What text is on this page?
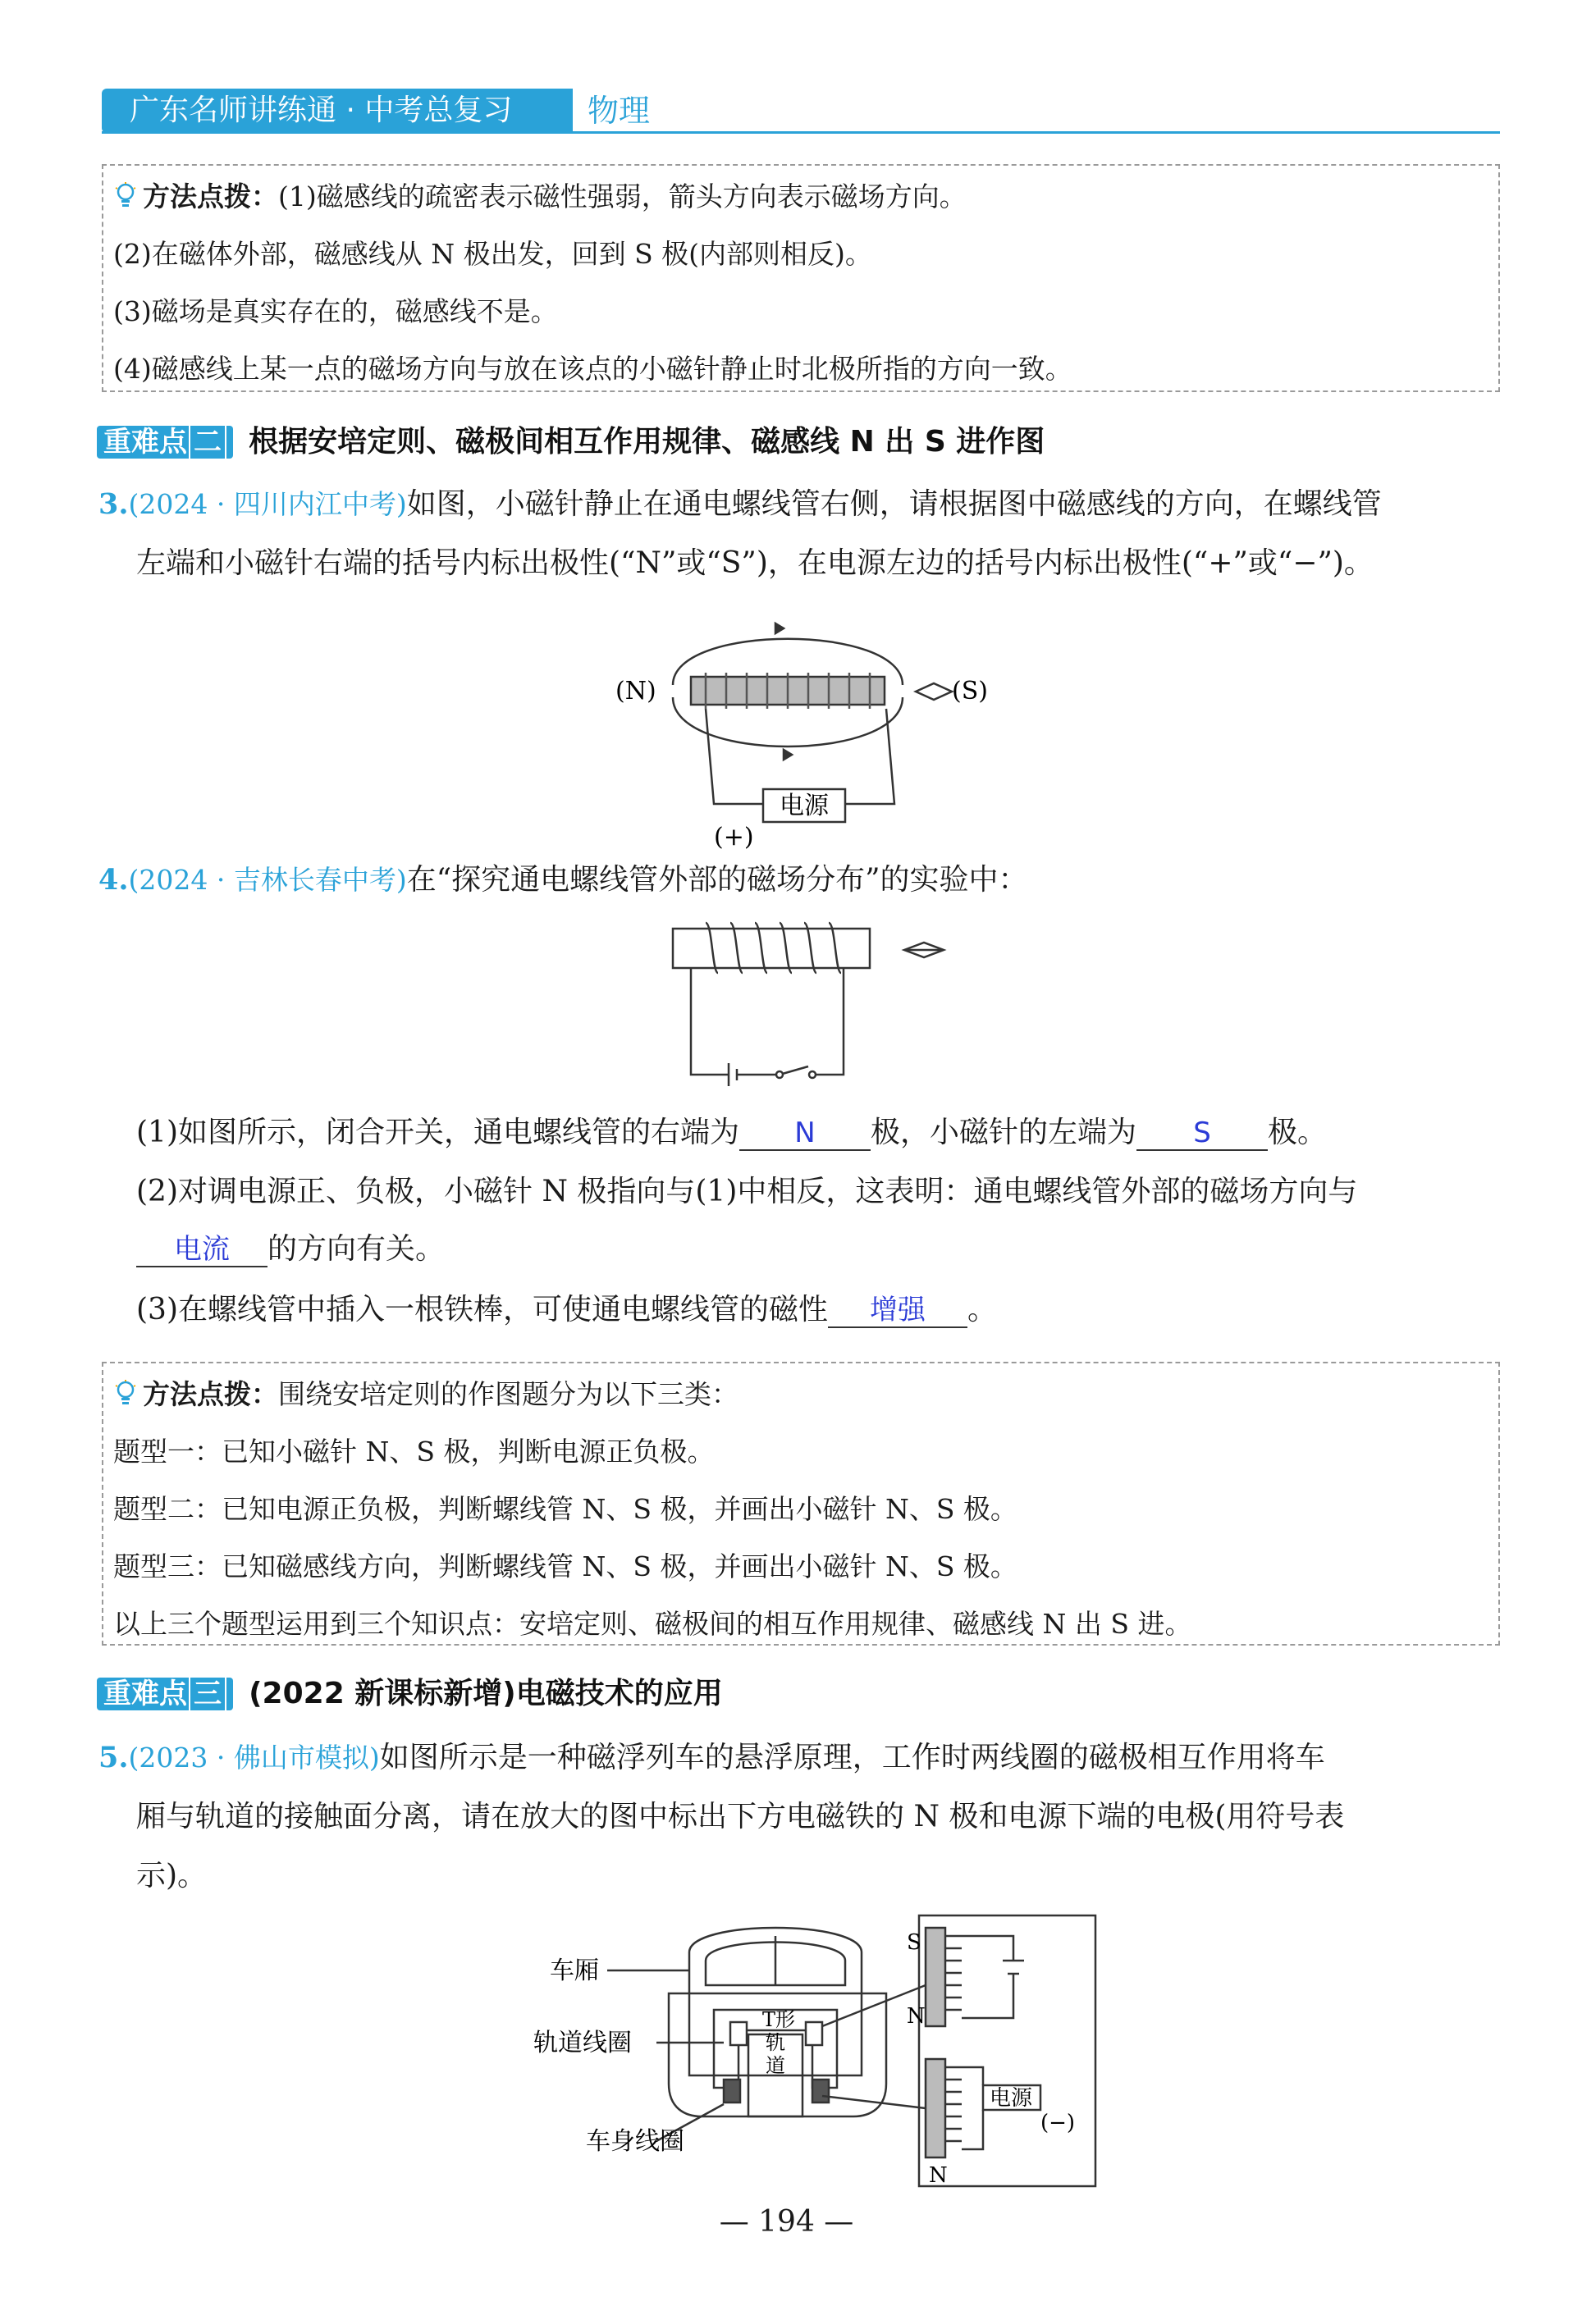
广东名师讲练通 · 中考总复习	物理

方法点拨：(1)磁感线的疏密表示磁性强弱，箭头方向表示磁场方向。

(2)在磁体外部，磁感线从 N 极出发，回到 S 极(内部则相反)。

(3)磁场是真实存在的，磁感线不是。

(4)磁感线上某一点的磁场方向与放在该点的小磁针静止时北极所指的方向一致。

重难点 二 根据安培定则、磁极间相互作用规律、磁感线 N 出 S 进作图
3.(2024 · 四川内江中考)如图，小磁针静止在通电螺线管右侧，请根据图中磁感线的方向，在螺线管
左端和小磁针右端的括号内标出极性(“N”或“S”)，在电源左边的括号内标出极性(“+”或“−”)。
(N)	(S)
电源
(+)
4.(2024 · 吉林长春中考)在“探究通电螺线管外部的磁场分布”的实验中：
(1)如图所示，闭合开关，通电螺线管的右端为 N 极，小磁针的左端为 S 极。
(2)对调电源正、负极，小磁针 N 极指向与(1)中相反，这表明：通电螺线管外部的磁场方向与
电流 的方向有关。
(3)在螺线管中插入一根铁棒，可使通电螺线管的磁性 增强 。

方法点拨：围绕安培定则的作图题分为以下三类：

题型一：已知小磁针 N、S 极，判断电源正负极。

题型二：已知电源正负极，判断螺线管 N、S 极，并画出小磁针 N、S 极。

题型三：已知磁感线方向，判断螺线管 N、S 极，并画出小磁针 N、S 极。

以上三个题型运用到三个知识点：安培定则、磁极间的相互作用规律、磁感线 N 出 S 进。

重难点 三 (2022 新课标新增)电磁技术的应用
5.(2023 · 佛山市模拟)如图所示是一种磁浮列车的悬浮原理，工作时两线圈的磁极相互作用将车
厢与轨道的接触面分离，请在放大的图中标出下方电磁铁的 N 极和电源下端的电极(用符号表
示)。
车厢
轨道线圈
车身线圈
T形
轨
道
S
N
N
电源
(−)
— 194 —
